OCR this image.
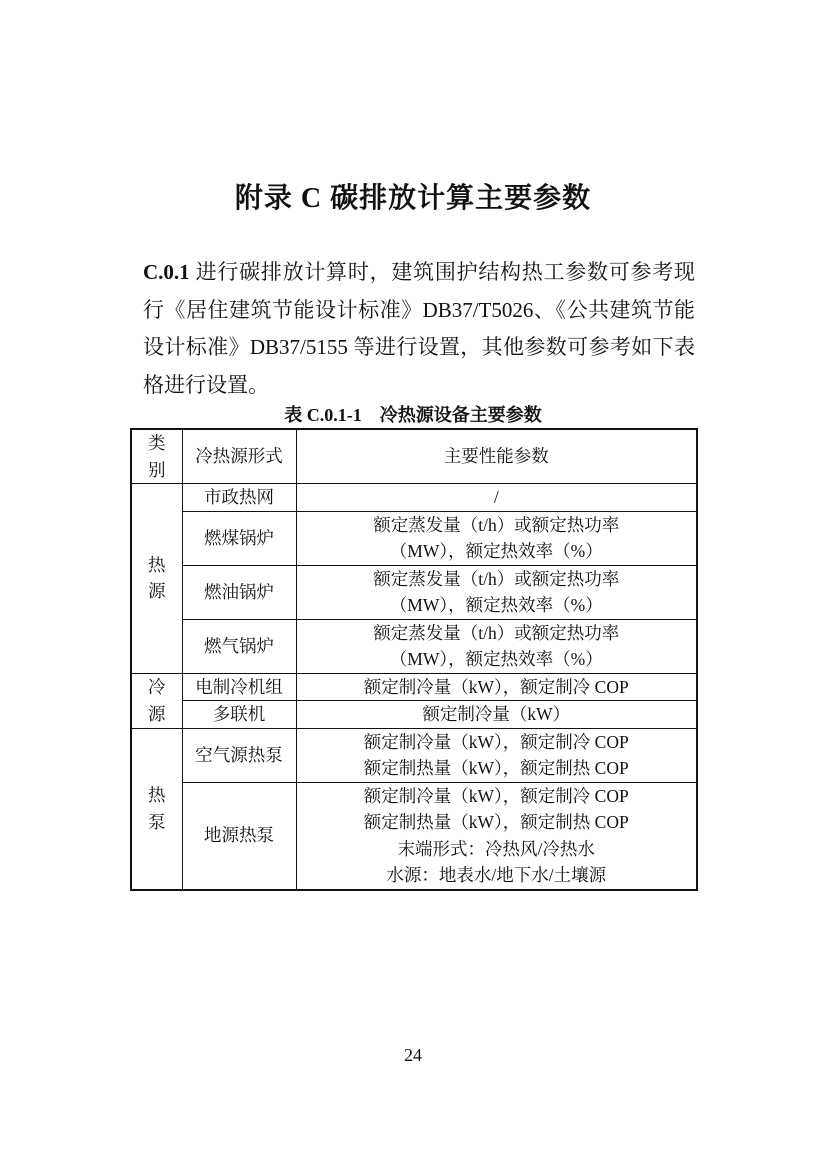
附录 C 碳排放计算主要参数
C.0.1 进行碳排放计算时，建筑围护结构热工参数可参考现行《居住建筑节能设计标准》DB37/T5026、《公共建筑节能设计标准》DB37/5155 等进行设置，其他参数可参考如下表格进行设置。
表 C.0.1-1　冷热源设备主要参数
类别	冷热源形式	主要性能参数
热源	市政热网	/
	燃煤锅炉	额定蒸发量（t/h）或额定热功率
（MW），额定热效率（%）

	燃油锅炉	额定蒸发量（t/h）或额定热功率
（MW），额定热效率（%）

	燃气锅炉	额定蒸发量（t/h）或额定热功率
（MW），额定热效率（%）

冷源	电制冷机组	额定制冷量（kW），额定制冷 COP
	多联机	额定制冷量（kW）
热泵	空气源热泵	额定制冷量（kW），额定制冷 COP
额定制热量（kW），额定制热 COP

	地源热泵	额定制冷量（kW），额定制冷 COP
额定制热量（kW），额定制热 COP
末端形式：冷热风/冷热水
水源：地表水/地下水/土壤源
24
